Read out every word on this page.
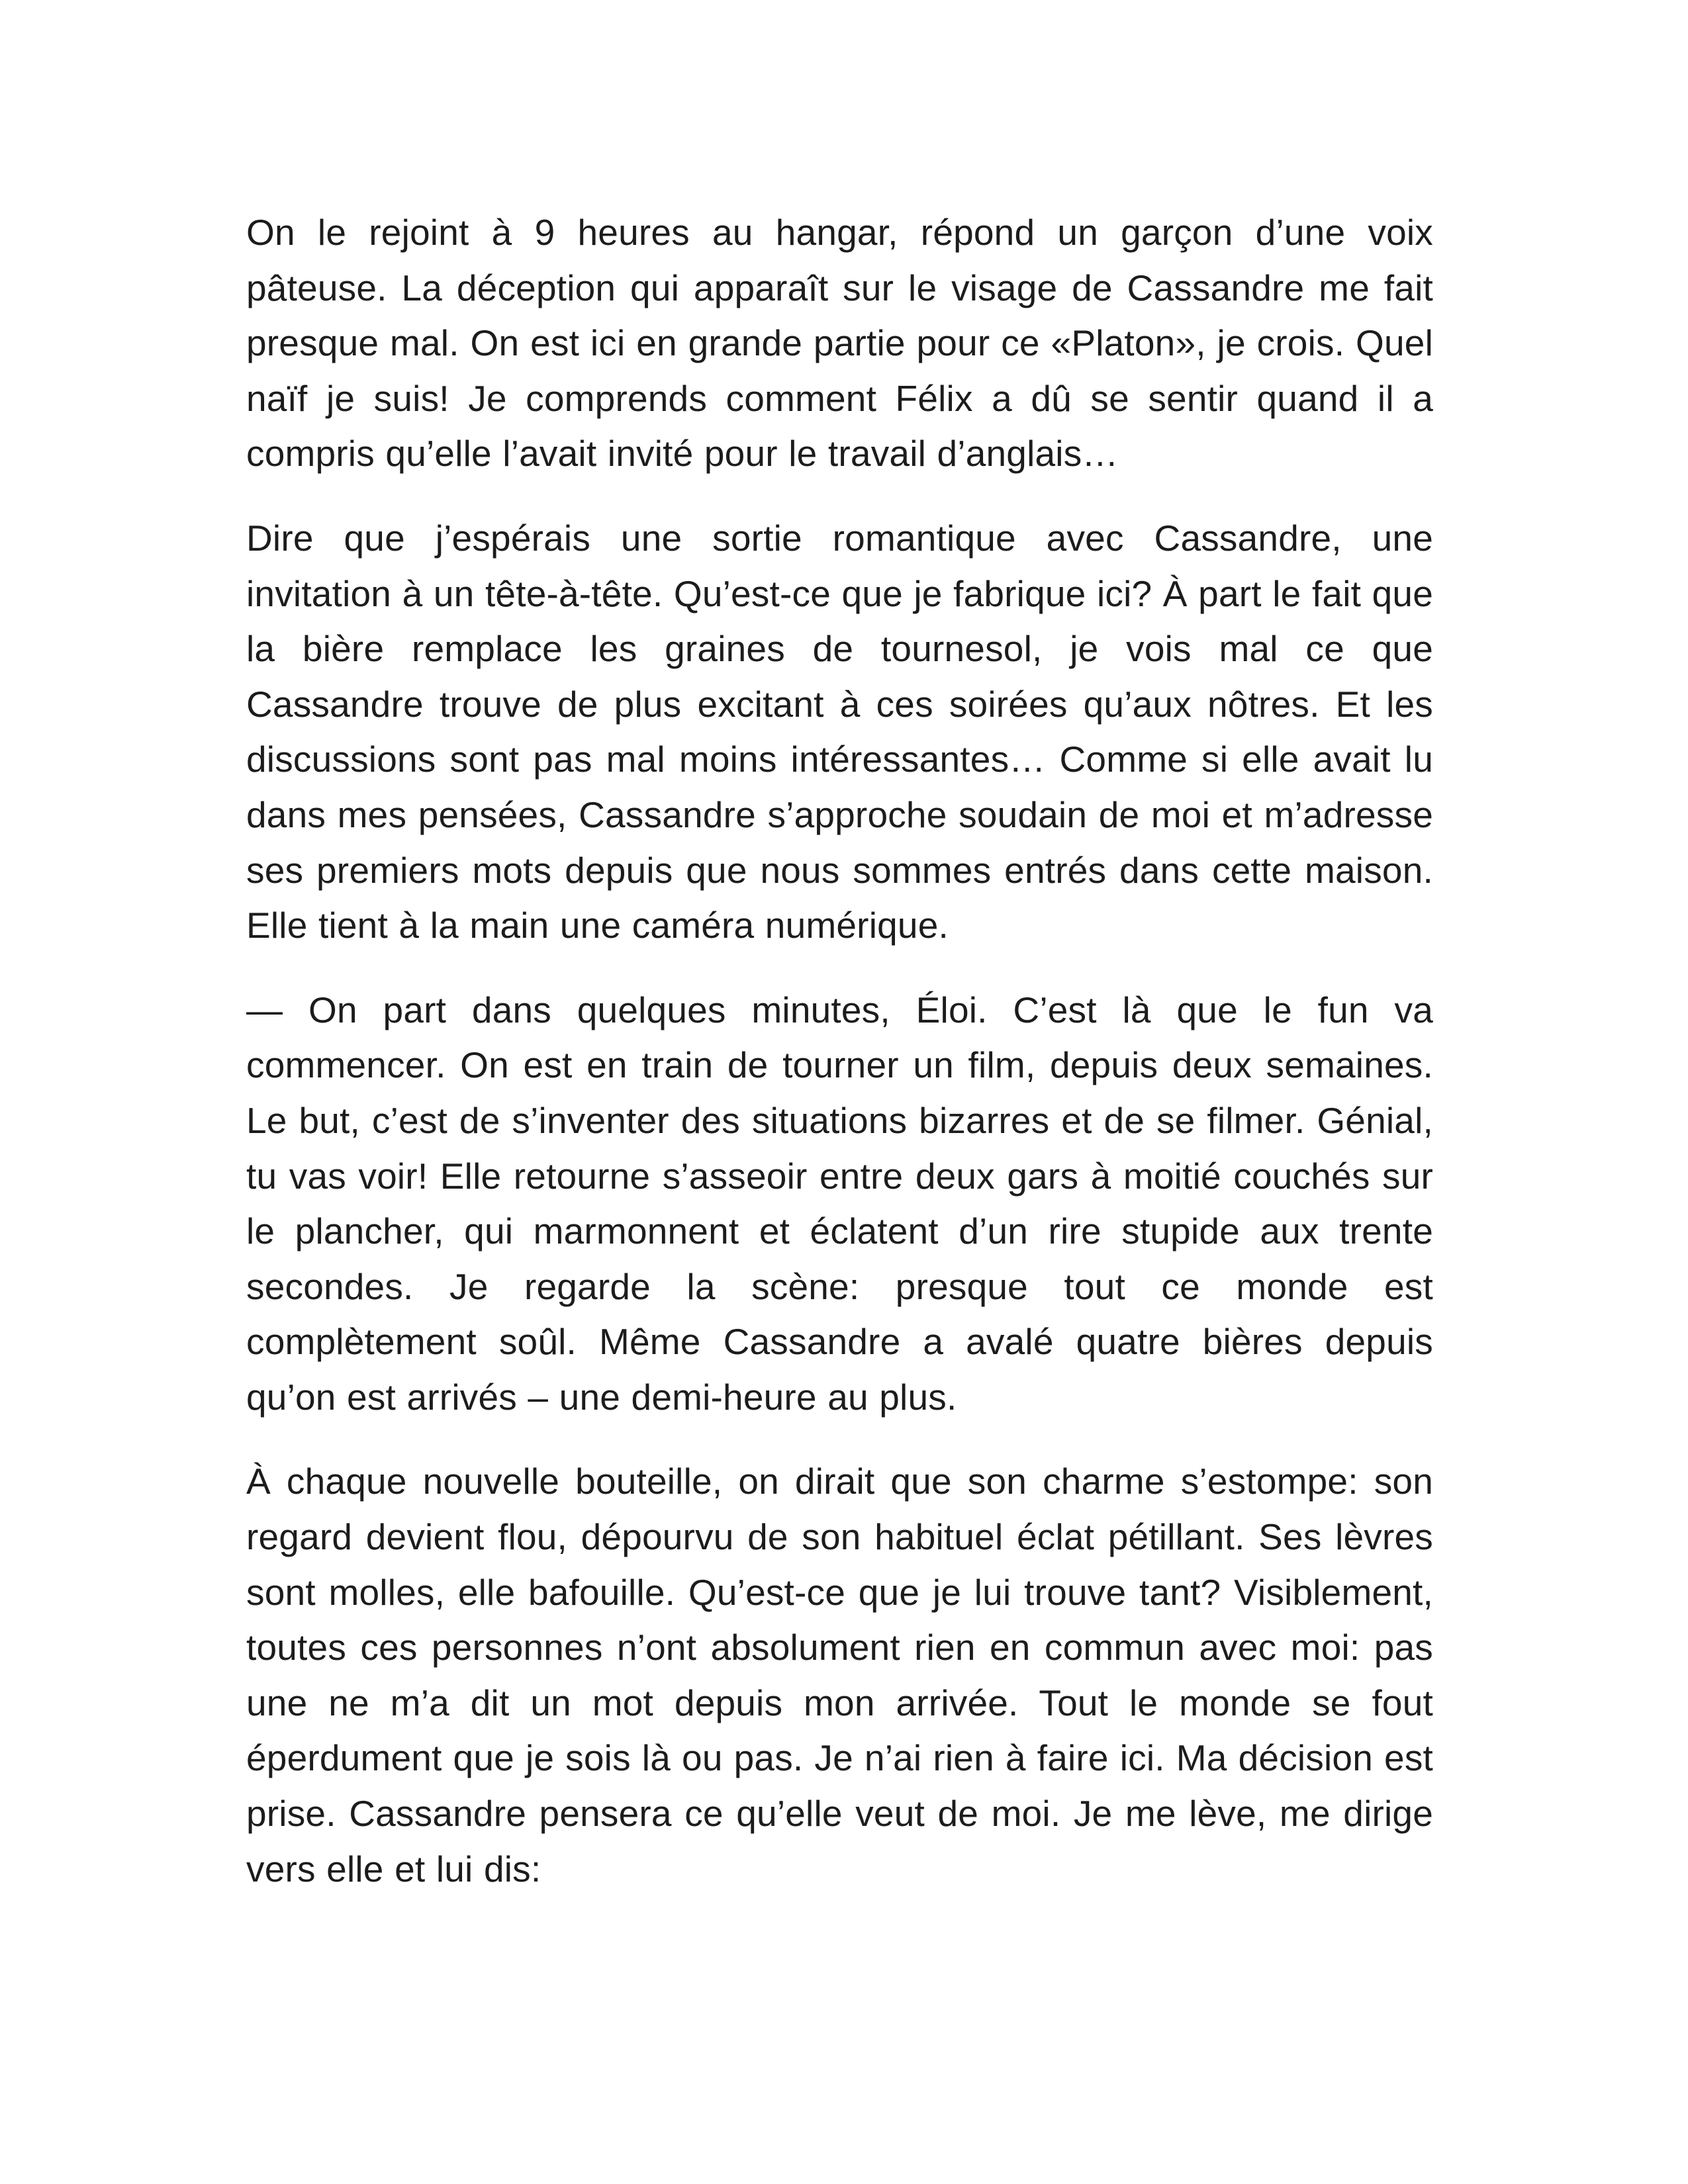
On le rejoint à 9 heures au hangar, répond un garçon d’une voix pâteuse. La déception qui apparaît sur le visage de Cassandre me fait presque mal. On est ici en grande partie pour ce «Platon», je crois. Quel naïf je suis! Je comprends comment Félix a dû se sentir quand il a compris qu’elle l’avait invité pour le travail d’anglais…

Dire que j’espérais une sortie romantique avec Cassandre, une invitation à un tête-à-tête. Qu’est-ce que je fabrique ici? À part le fait que la bière remplace les graines de tournesol, je vois mal ce que Cassandre trouve de plus excitant à ces soirées qu’aux nôtres. Et les discussions sont pas mal moins intéressantes… Comme si elle avait lu dans mes pensées, Cassandre s’approche soudain de moi et m’adresse ses premiers mots depuis que nous sommes entrés dans cette maison. Elle tient à la main une caméra numérique.

— On part dans quelques minutes, Éloi. C’est là que le fun va commencer. On est en train de tourner un film, depuis deux semaines. Le but, c’est de s’inventer des situations bizarres et de se filmer. Génial, tu vas voir! Elle retourne s’asseoir entre deux gars à moitié couchés sur le plancher, qui marmonnent et éclatent d’un rire stupide aux trente secondes. Je regarde la scène: presque tout ce monde est complètement soûl. Même Cassandre a avalé quatre bières depuis qu’on est arrivés – une demi-heure au plus.

À chaque nouvelle bouteille, on dirait que son charme s’estompe: son regard devient flou, dépourvu de son habituel éclat pétillant. Ses lèvres sont molles, elle bafouille. Qu’est-ce que je lui trouve tant? Visiblement, toutes ces personnes n’ont absolument rien en commun avec moi: pas une ne m’a dit un mot depuis mon arrivée. Tout le monde se fout éperdument que je sois là ou pas. Je n’ai rien à faire ici. Ma décision est prise. Cassandre pensera ce qu’elle veut de moi. Je me lève, me dirige vers elle et lui dis:
